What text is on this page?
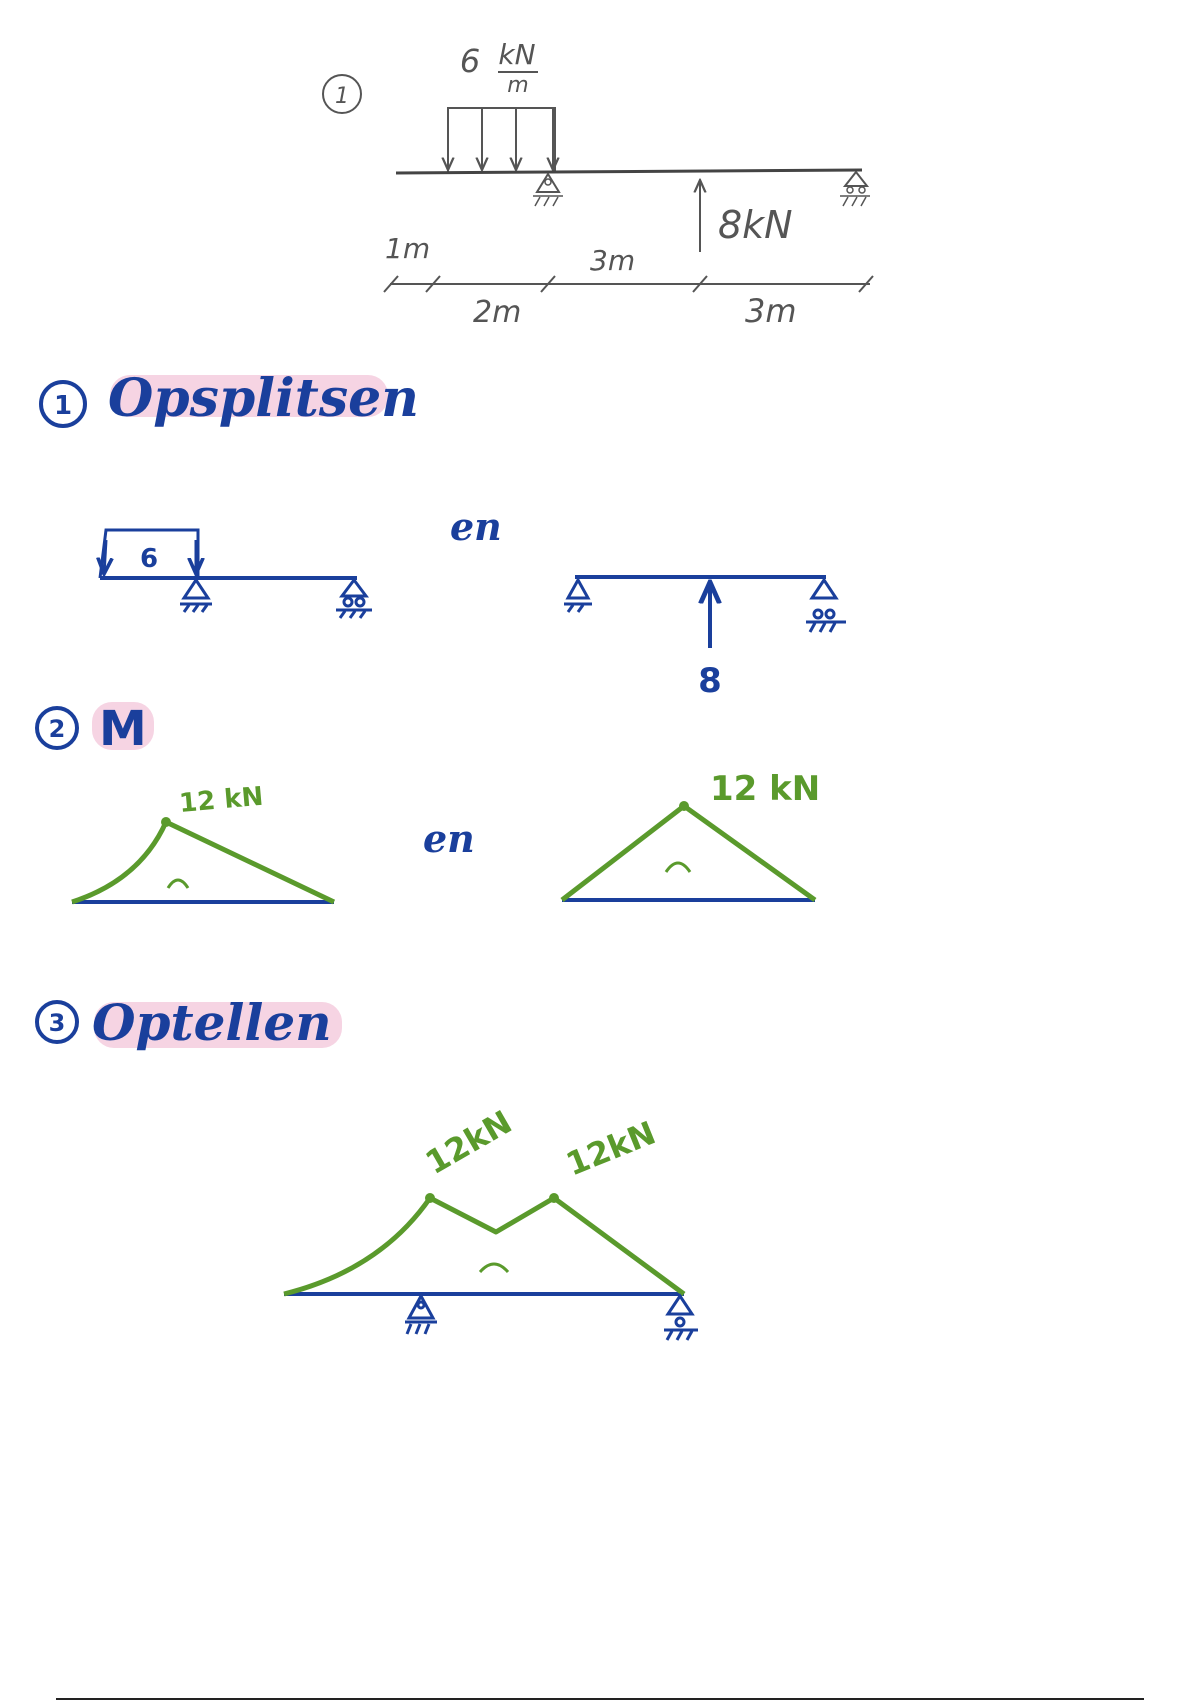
1
6 kN
m
8kN
1m	3m
2m	3m
1 Opsplitsen
6
en
8
2 M
12 kN
en
12 kN
3 Optellen
12kN 12kN
